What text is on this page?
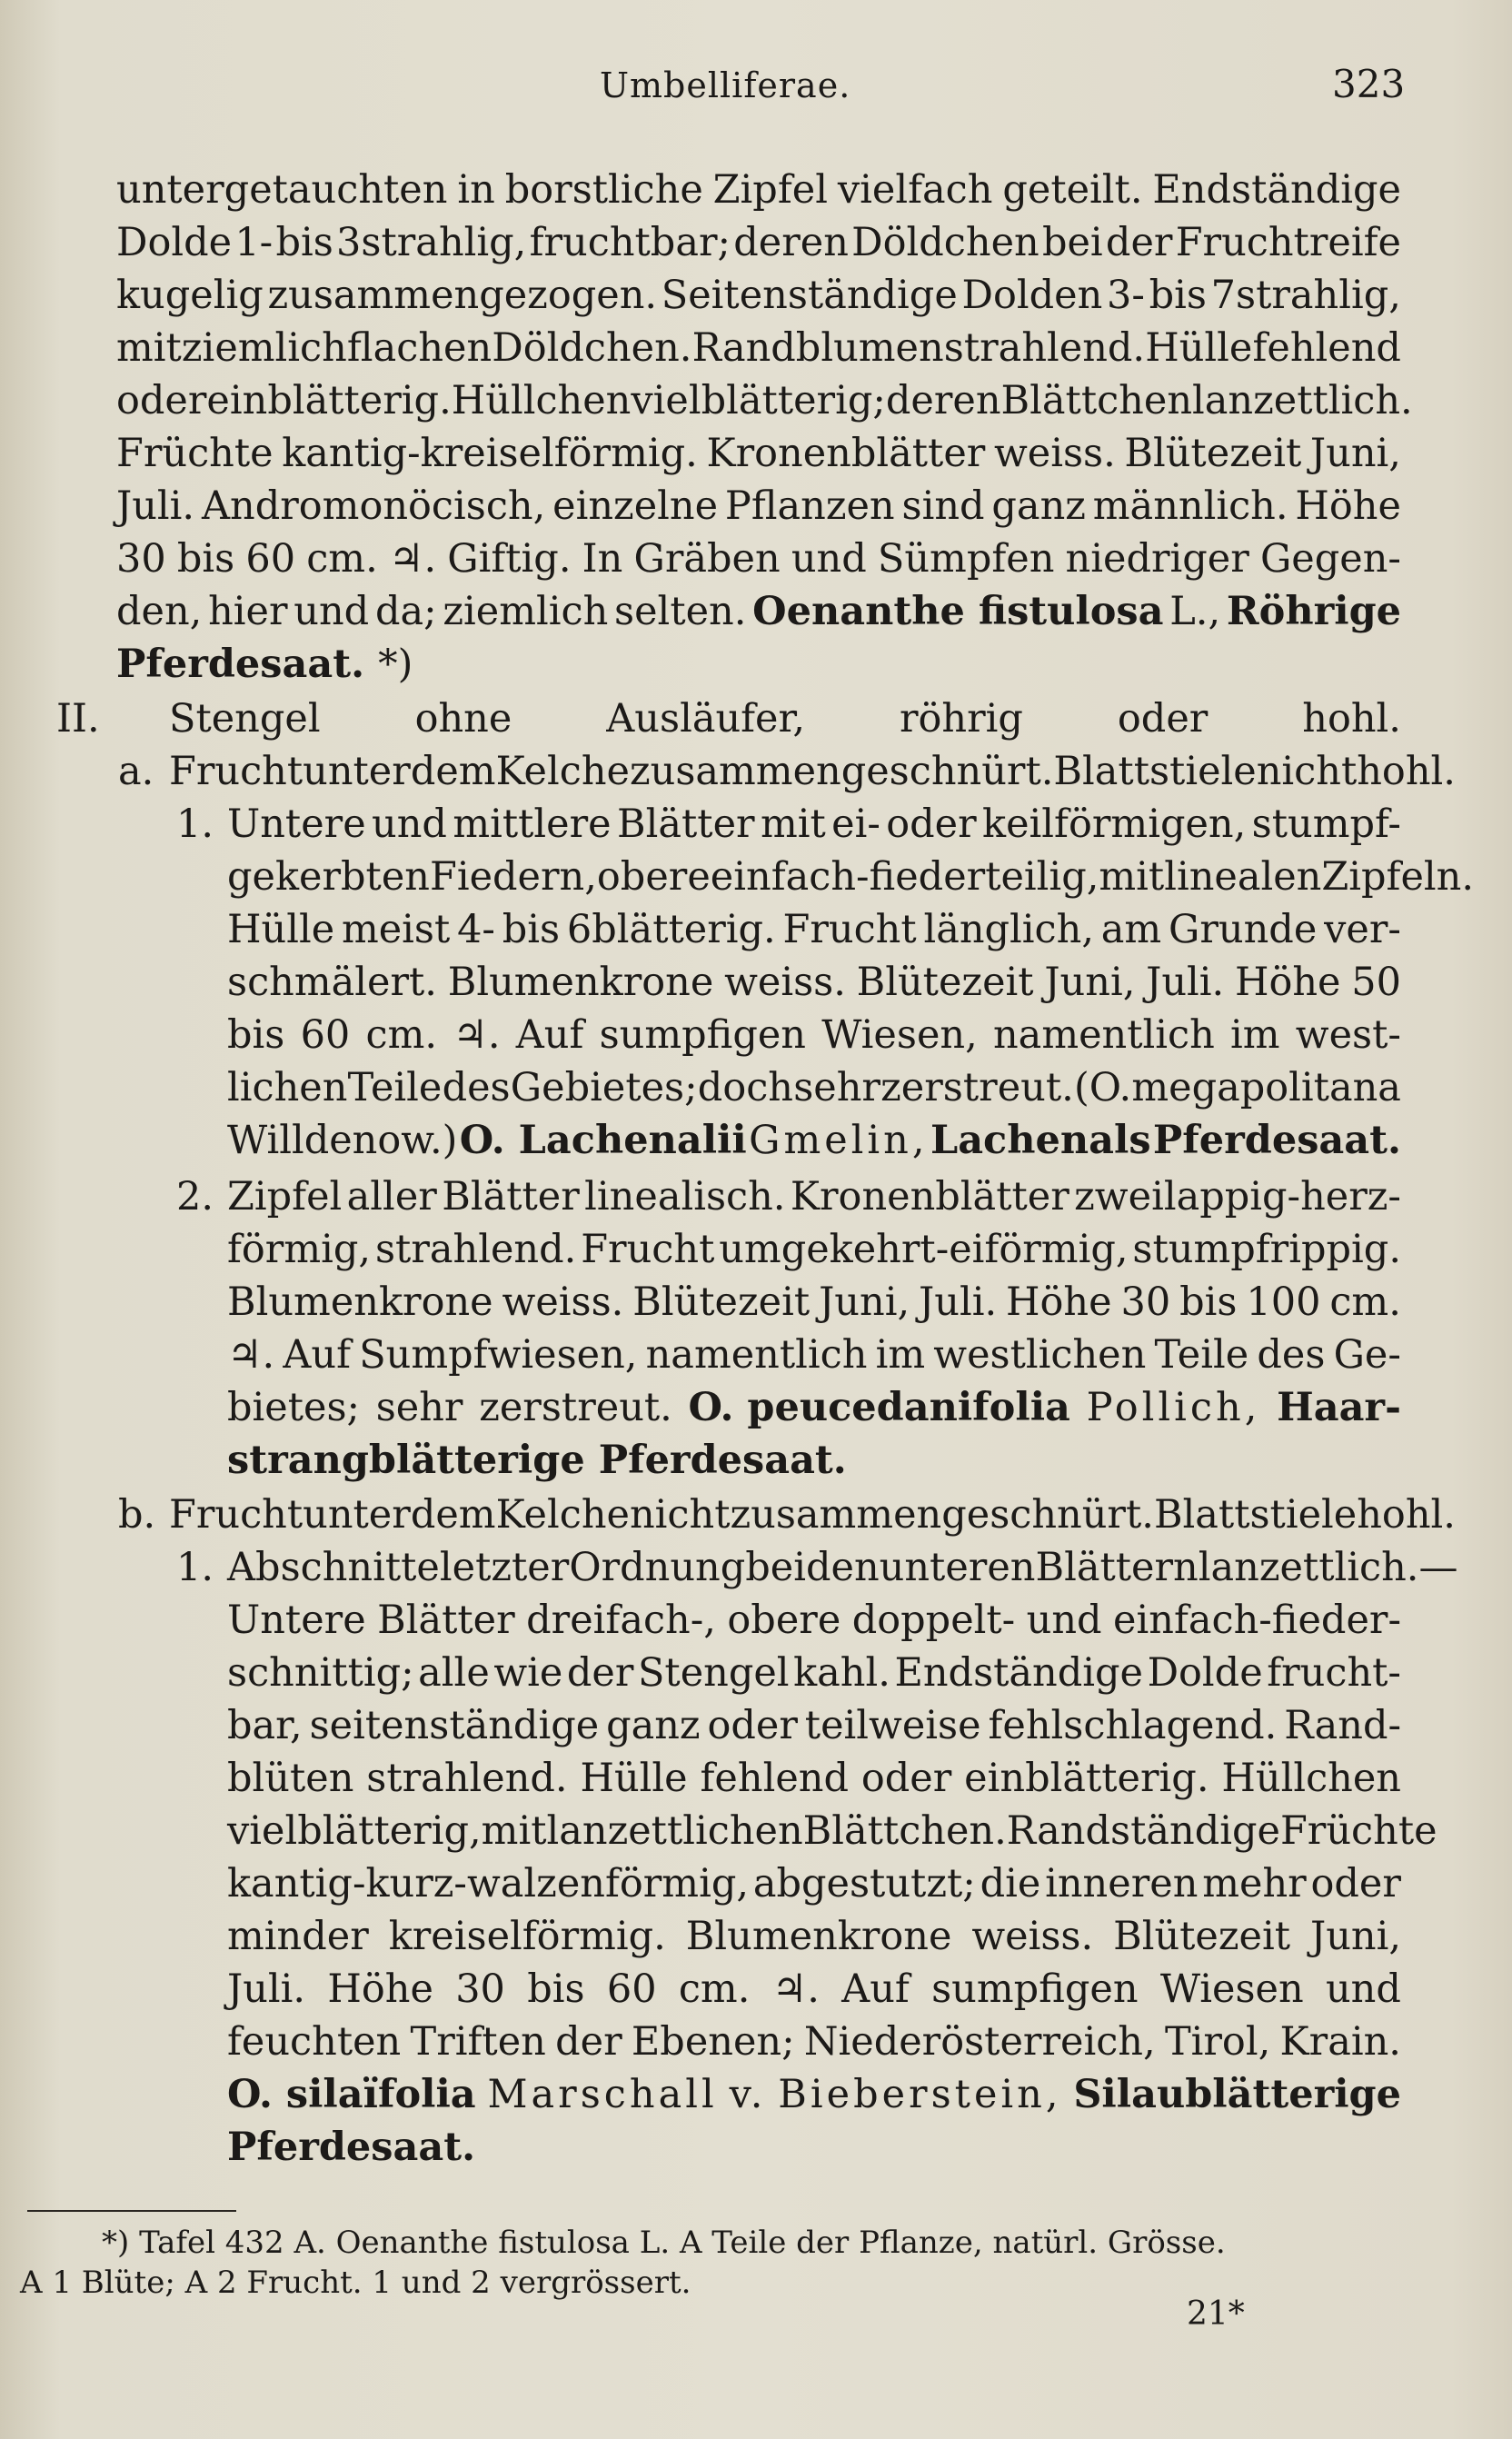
Umbelliferae.	323
untergetauchten in borstliche Zipfel vielfach geteilt. Endständige
Dolde 1- bis 3strahlig, fruchtbar; deren Döldchen bei der Fruchtreife
kugelig zusammengezogen. Seitenständige Dolden 3- bis 7strahlig,
mit ziemlich flachen Döldchen. Randblumen strahlend. Hülle fehlend
oder einblätterig. Hüllchen vielblätterig; deren Blättchen lanzettlich.
Früchte kantig-kreiselförmig. Kronenblätter weiss. Blütezeit Juni,
Juli. Andromonöcisch, einzelne Pflanzen sind ganz männlich. Höhe
30 bis 60 cm. ♃. Giftig. In Gräben und Sümpfen niedriger Gegen-
den, hier und da; ziemlich selten. Oenanthe fistulosa L., Röhrige
Pferdesaat. *)
II. Stengel ohne Ausläufer, röhrig oder hohl.
a. Frucht unter dem Kelche zusammengeschnürt. Blattstiele nicht hohl.
1. Untere und mittlere Blätter mit ei- oder keilförmigen, stumpf-
gekerbten Fiedern, obere einfach-fiederteilig, mit linealen Zipfeln.
Hülle meist 4- bis 6blätterig. Frucht länglich, am Grunde ver-
schmälert. Blumenkrone weiss. Blütezeit Juni, Juli. Höhe 50
bis 60 cm. ♃. Auf sumpfigen Wiesen, namentlich im west-
lichen Teile des Gebietes; doch sehr zerstreut. (O. megapolitana
Willdenow.) O. Lachenalii Gmelin, Lachenals Pferdesaat.
2. Zipfel aller Blätter linealisch. Kronenblätter zweilappig-herz-
förmig, strahlend. Frucht umgekehrt-eiförmig, stumpfrippig.
Blumenkrone weiss. Blütezeit Juni, Juli. Höhe 30 bis 100 cm.
♃. Auf Sumpfwiesen, namentlich im westlichen Teile des Ge-
bietes; sehr zerstreut. O. peucedanifolia Pollich, Haar-
strangblätterige Pferdesaat.
b. Frucht unter dem Kelche nicht zusammengeschnürt. Blattstiele hohl.
1. Abschnitte letzter Ordnung bei den unteren Blättern lanzettlich. —
Untere Blätter dreifach-, obere doppelt- und einfach-fieder-
schnittig; alle wie der Stengel kahl. Endständige Dolde frucht-
bar, seitenständige ganz oder teilweise fehlschlagend. Rand-
blüten strahlend. Hülle fehlend oder einblätterig. Hüllchen
vielblätterig, mit lanzettlichen Blättchen. Randständige Früchte
kantig-kurz-walzenförmig, abgestutzt; die inneren mehr oder
minder kreiselförmig. Blumenkrone weiss. Blütezeit Juni,
Juli. Höhe 30 bis 60 cm. ♃. Auf sumpfigen Wiesen und
feuchten Triften der Ebenen; Niederösterreich, Tirol, Krain.
O. silaïfolia Marschall v. Bieberstein, Silaublätterige
Pferdesaat.
*) Tafel 432 A. Oenanthe fistulosa L. A Teile der Pflanze, natürl. Grösse.
A 1 Blüte; A 2 Frucht. 1 und 2 vergrössert.
21*
